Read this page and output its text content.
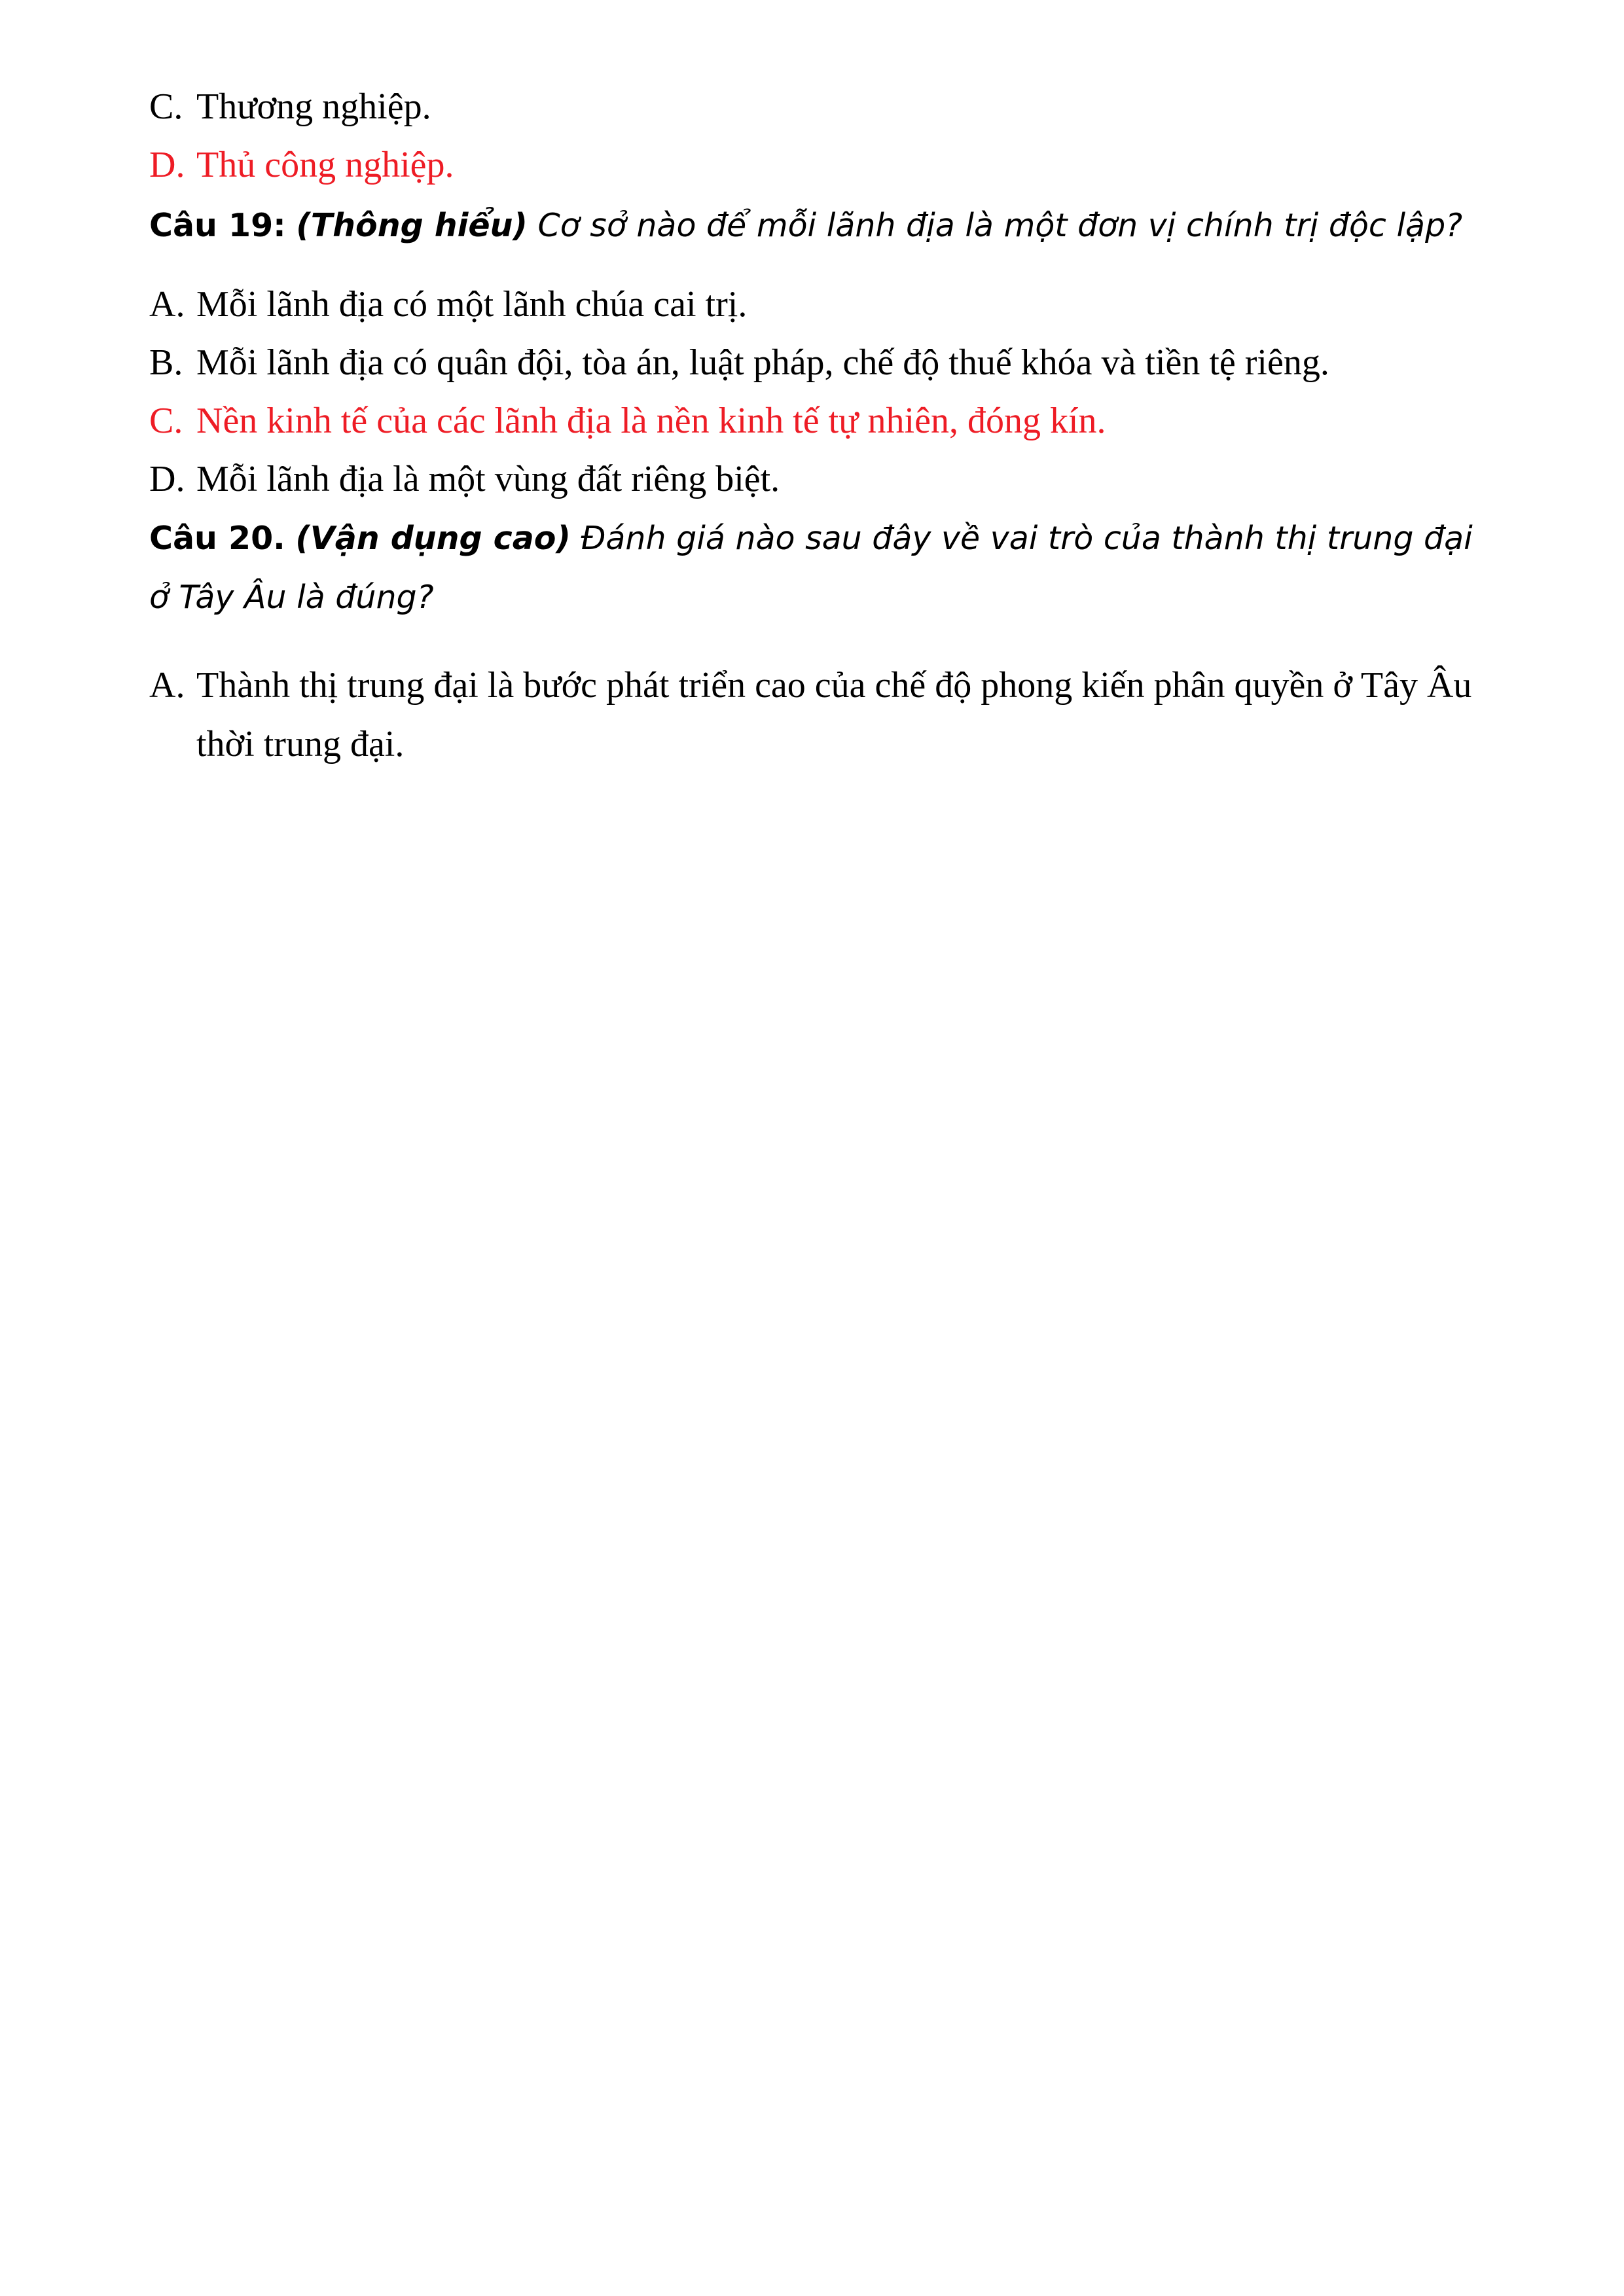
C. Thương nghiệp.
D. Thủ công nghiệp.
Câu 19: (Thông hiểu) Cơ sở nào để mỗi lãnh địa là một đơn vị chính trị độc lập?
A. Mỗi lãnh địa có một lãnh chúa cai trị.
B. Mỗi lãnh địa có quân đội, tòa án, luật pháp, chế độ thuế khóa và tiền tệ riêng.
C. Nền kinh tế của các lãnh địa là nền kinh tế tự nhiên, đóng kín.
D. Mỗi lãnh địa là một vùng đất riêng biệt.
Câu 20. (Vận dụng cao) Đánh giá nào sau đây về vai trò của thành thị trung đại ở Tây Âu là đúng?
A. Thành thị trung đại là bước phát triển cao của chế độ phong kiến phân quyền ở Tây Âu thời trung đại.
